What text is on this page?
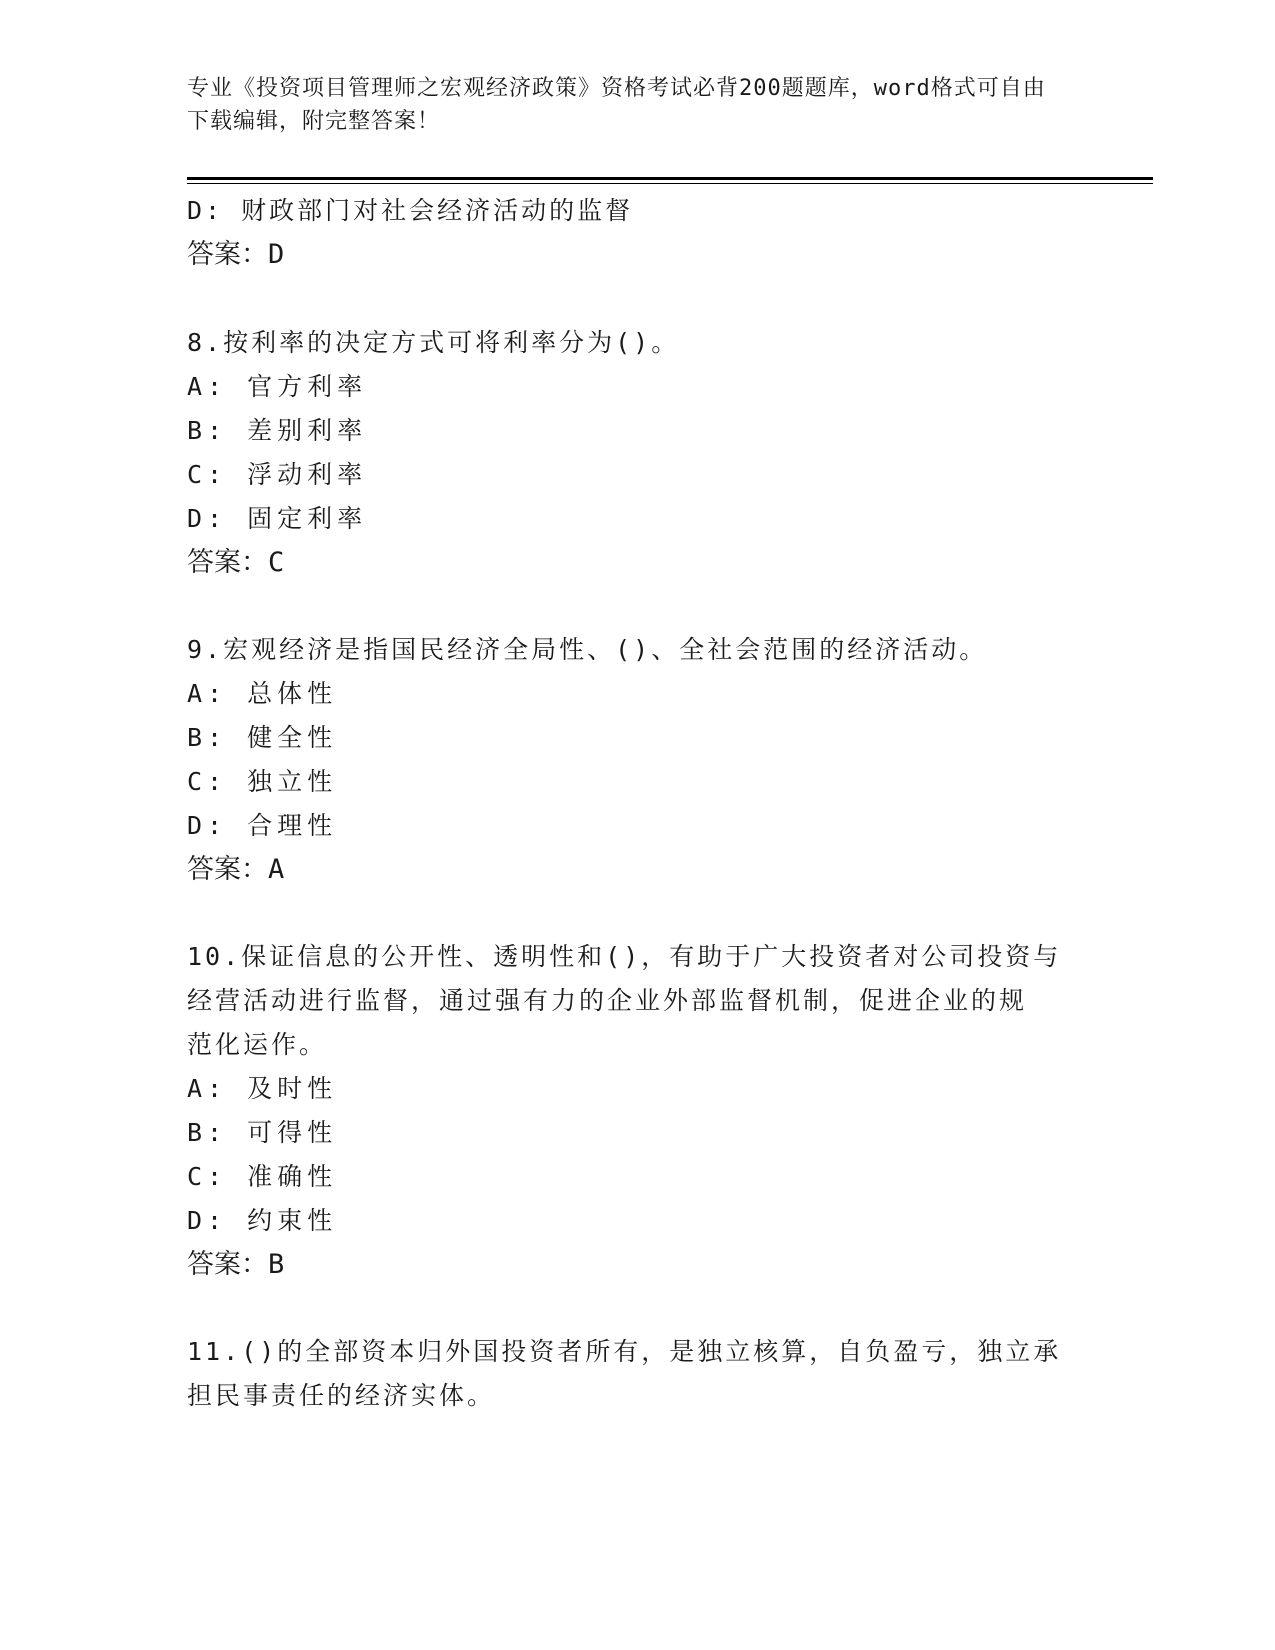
专业《投资项目管理师之宏观经济政策》资格考试必背200题题库，word格式可自由下载编辑，附完整答案！
D: 财政部门对社会经济活动的监督
答案：D
8.按利率的决定方式可将利率分为()。
A: 官方利率
B: 差别利率
C: 浮动利率
D: 固定利率
答案：C
9.宏观经济是指国民经济全局性、()、全社会范围的经济活动。
A: 总体性
B: 健全性
C: 独立性
D: 合理性
答案：A
10.保证信息的公开性、透明性和()，有助于广大投资者对公司投资与
经营活动进行监督，通过强有力的企业外部监督机制，促进企业的规
范化运作。
A: 及时性
B: 可得性
C: 准确性
D: 约束性
答案：B
11.()的全部资本归外国投资者所有，是独立核算，自负盈亏，独立承
担民事责任的经济实体。
